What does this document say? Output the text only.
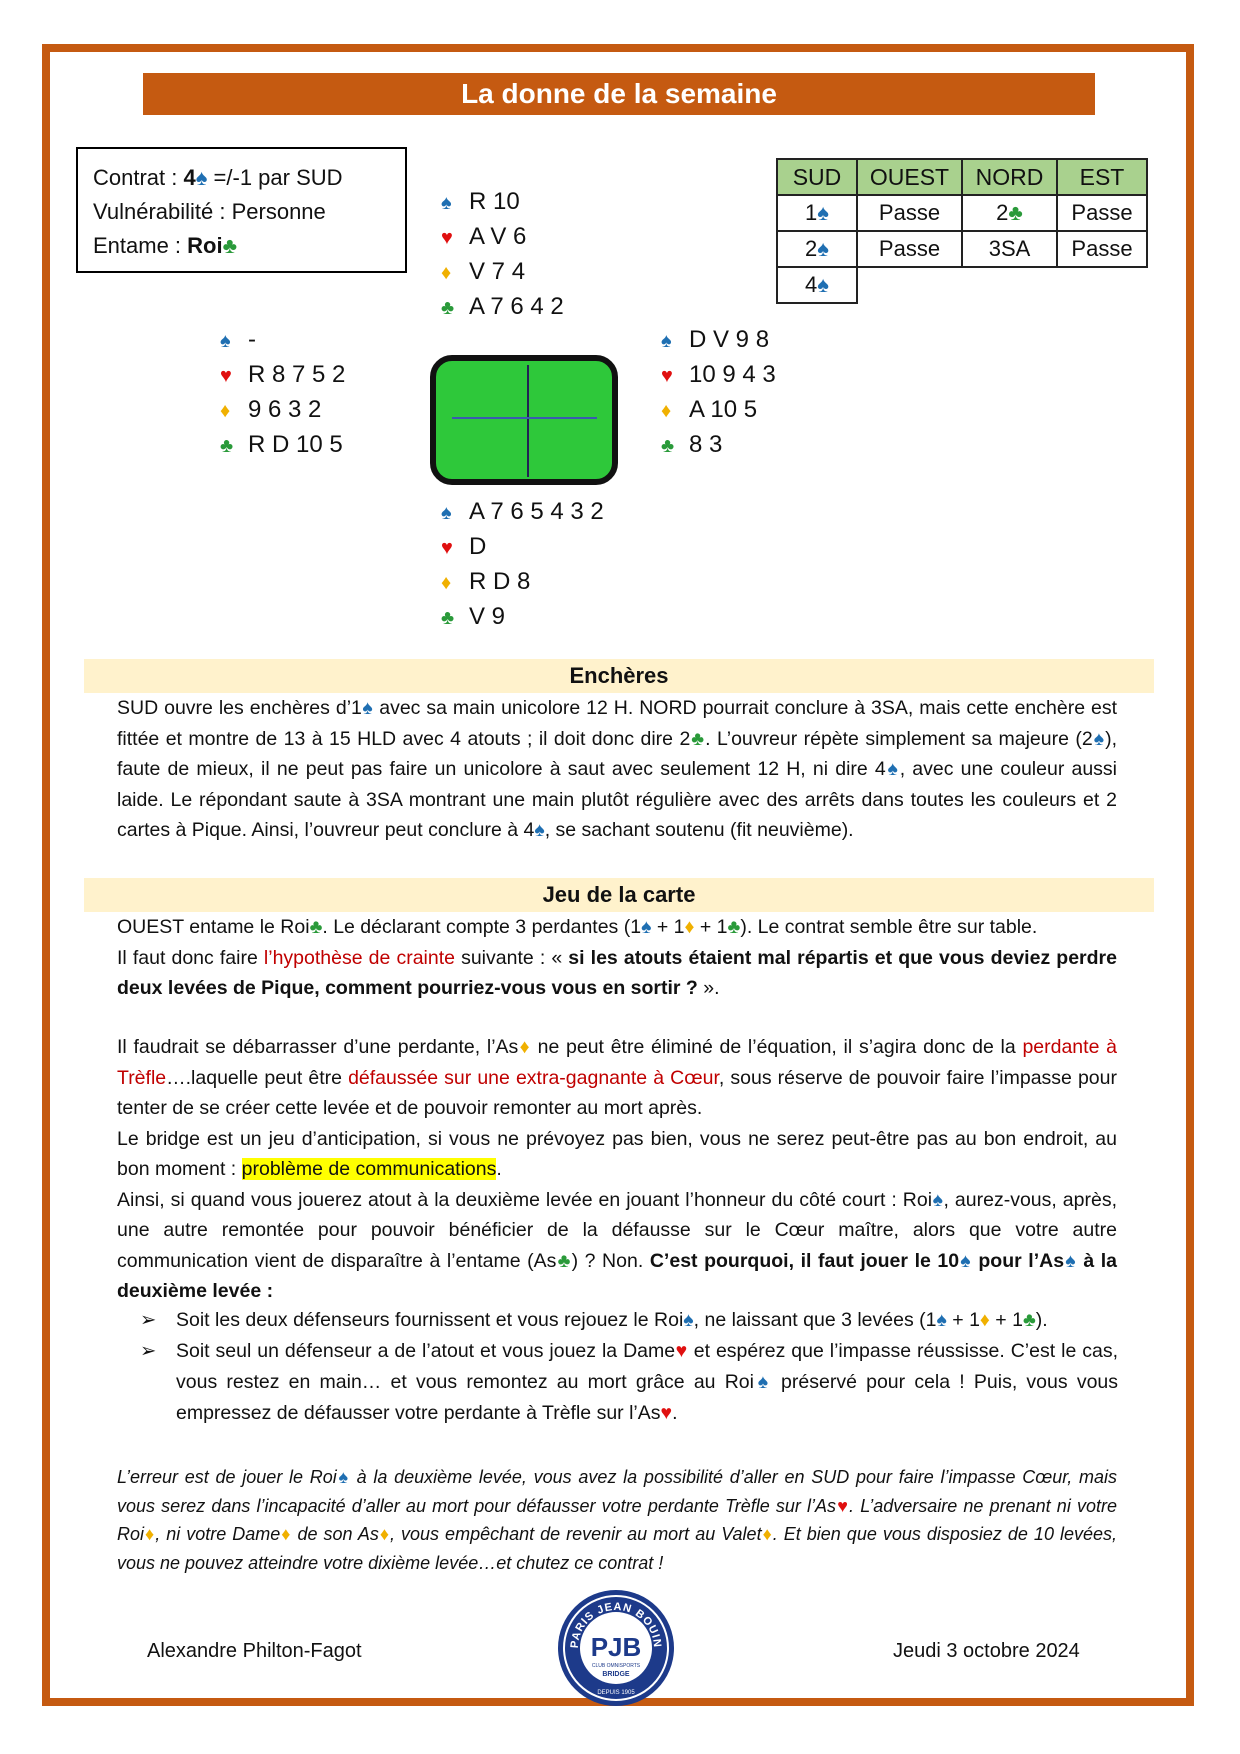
La donne de la semaine
Contrat : 4♠ =/-1 par SUD
Vulnérabilité : Personne
Entame : Roi♣
♠ R 10
♥ A V 6
♦ V 7 4
♣ A 7 6 4 2
♠ -
♥ R 8 7 5 2
♦ 9 6 3 2
♣ R D 10 5
♠ D V 9 8
♥ 10 9 4 3
♦ A 10 5
♣ 8 3
♠ A 7 6 5 4 3 2
♥ D
♦ R D 8
♣ V 9
SUD	OUEST	NORD	EST
1♠	Passe	2♣	Passe
2♠	Passe	3SA	Passe
4♠			
Enchères
SUD ouvre les enchères d’1♠ avec sa main unicolore 12 H. NORD pourrait conclure à 3SA, mais cette enchère est fittée et montre de 13 à 15 HLD avec 4 atouts ; il doit donc dire 2♣. L’ouvreur répète simplement sa majeure (2♠), faute de mieux, il ne peut pas faire un unicolore à saut avec seulement 12 H, ni dire 4♠, avec une couleur aussi laide. Le répondant saute à 3SA montrant une main plutôt régulière avec des arrêts dans toutes les couleurs et 2 cartes à Pique. Ainsi, l’ouvreur peut conclure à 4♠, se sachant soutenu (fit neuvième).
Jeu de la carte
OUEST entame le Roi♣. Le déclarant compte 3 perdantes (1♠ + 1♦ + 1♣). Le contrat semble être sur table.
Il faut donc faire l’hypothèse de crainte suivante : « si les atouts étaient mal répartis et que vous deviez perdre deux levées de Pique, comment pourriez-vous vous en sortir ? ».
Il faudrait se débarrasser d’une perdante, l’As♦ ne peut être éliminé de l’équation, il s’agira donc de la perdante à Trèfle….laquelle peut être défaussée sur une extra-gagnante à Cœur, sous réserve de pouvoir faire l’impasse pour tenter de se créer cette levée et de pouvoir remonter au mort après.
Le bridge est un jeu d’anticipation, si vous ne prévoyez pas bien, vous ne serez peut-être pas au bon endroit, au bon moment : problème de communications.
Ainsi, si quand vous jouerez atout à la deuxième levée en jouant l’honneur du côté court : Roi♠, aurez-vous, après, une autre remontée pour pouvoir bénéficier de la défausse sur le Cœur maître, alors que votre autre communication vient de disparaître à l’entame (As♣) ? Non. C’est pourquoi, il faut jouer le 10♠ pour l’As♠ à la deuxième levée :
➢ Soit les deux défenseurs fournissent et vous rejouez le Roi♠, ne laissant que 3 levées (1♠ + 1♦ + 1♣).
➢ Soit seul un défenseur a de l’atout et vous jouez la Dame♥ et espérez que l’impasse réussisse. C’est le cas, vous restez en main… et vous remontez au mort grâce au Roi♠ préservé pour cela ! Puis, vous vous empressez de défausser votre perdante à Trèfle sur l’As♥.
L’erreur est de jouer le Roi♠ à la deuxième levée, vous avez la possibilité d’aller en SUD pour faire l’impasse Cœur, mais vous serez dans l’incapacité d’aller au mort pour défausser votre perdante Trèfle sur l’As♥. L’adversaire ne prenant ni votre Roi♦, ni votre Dame♦ de son As♦, vous empêchant de revenir au mort au Valet♦. Et bien que vous disposiez de 10 levées, vous ne pouvez atteindre votre dixième levée…et chutez ce contrat !
Alexandre Philton-Fagot	Jeudi 3 octobre 2024
PARIS JEAN BOUIN
PJB
CLUB OMNISPORTS
BRIDGE
DEPUIS 1905
